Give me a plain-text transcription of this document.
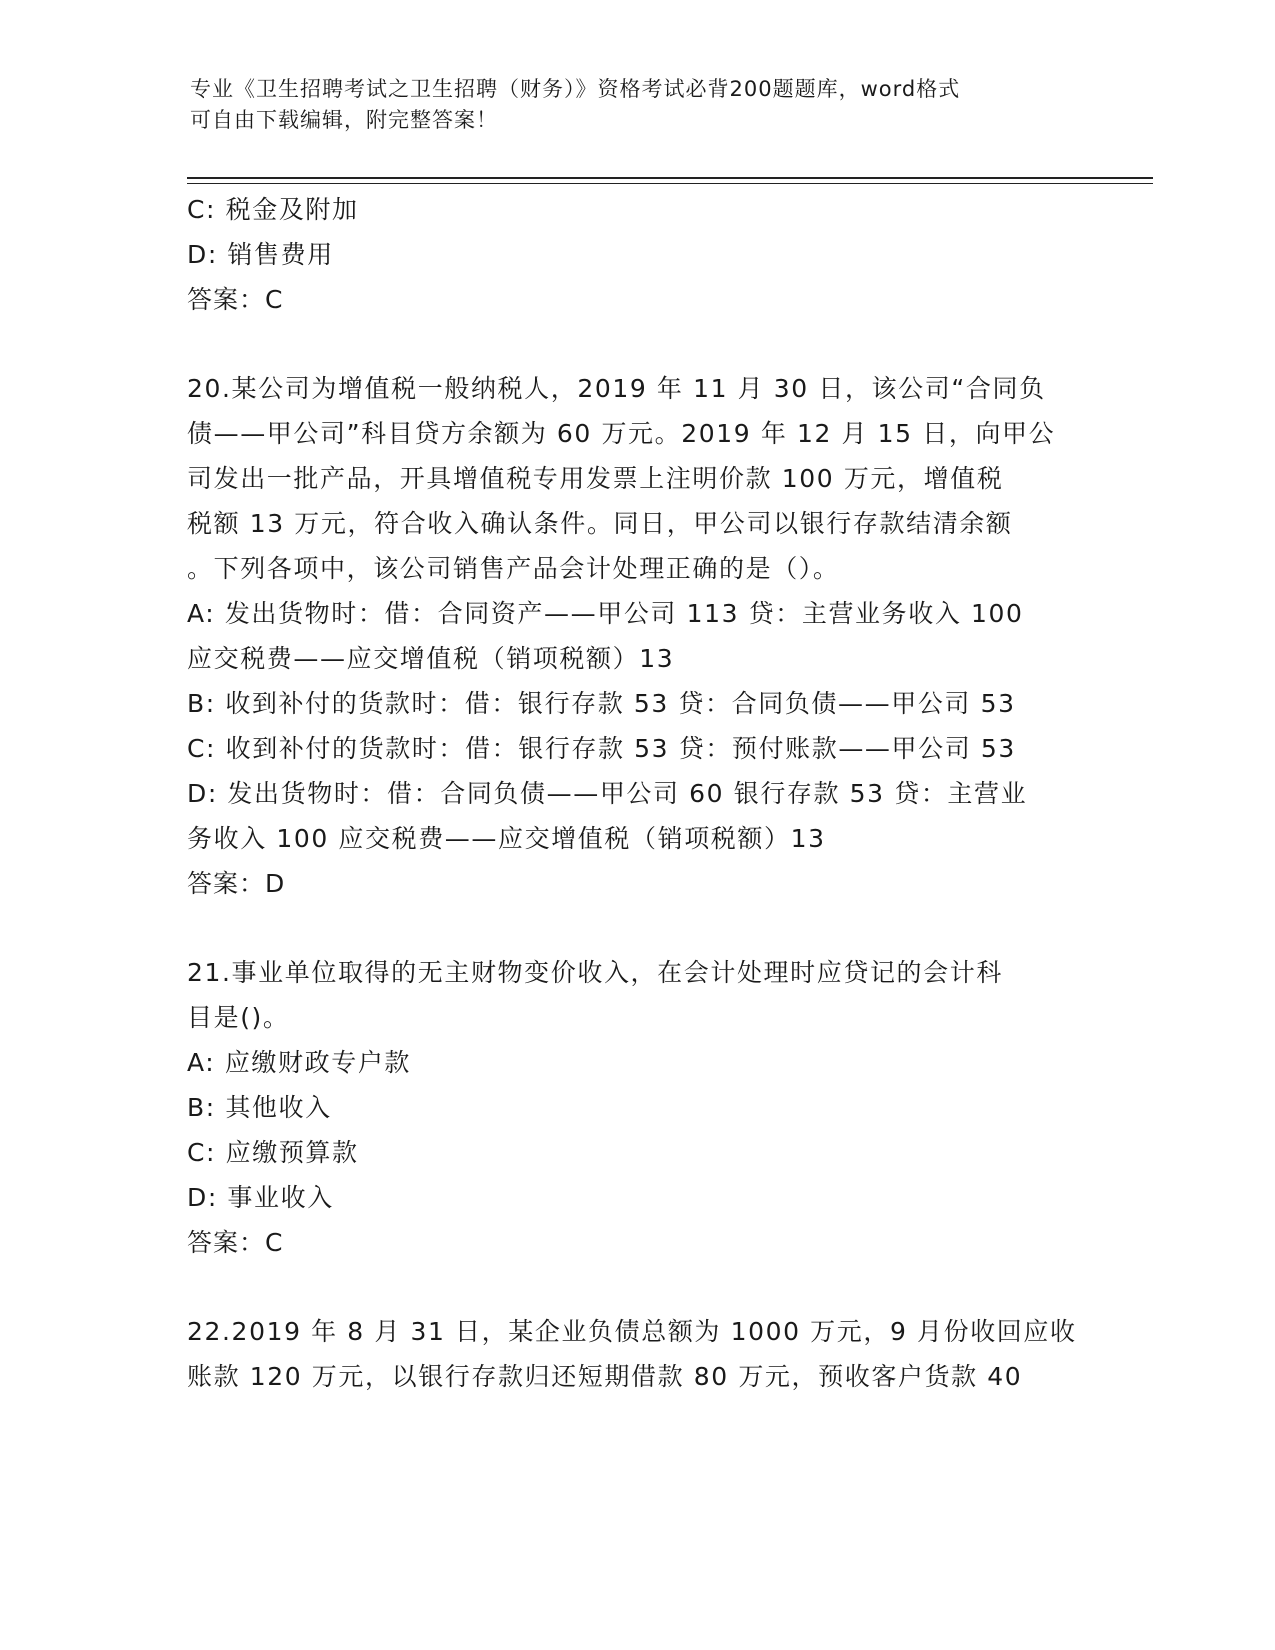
专业《卫生招聘考试之卫生招聘（财务）》资格考试必背200题题库，word格式
可自由下载编辑，附完整答案！
C: 税金及附加
D: 销售费用
答案：C
20.某公司为增值税一般纳税人，2019 年 11 月 30 日，该公司“合同负
债——甲公司”科目贷方余额为 60 万元。2019 年 12 月 15 日，向甲公
司发出一批产品，开具增值税专用发票上注明价款 100 万元，增值税
税额 13 万元，符合收入确认条件。同日，甲公司以银行存款结清余额
。下列各项中，该公司销售产品会计处理正确的是（）。
A: 发出货物时：借：合同资产——甲公司 113 贷：主营业务收入 100
应交税费——应交增值税（销项税额）13
B: 收到补付的货款时：借：银行存款 53 贷：合同负债——甲公司 53
C: 收到补付的货款时：借：银行存款 53 贷：预付账款——甲公司 53
D: 发出货物时：借：合同负债——甲公司 60 银行存款 53 贷：主营业
务收入 100 应交税费——应交增值税（销项税额）13
答案：D
21.事业单位取得的无主财物变价收入，在会计处理时应贷记的会计科
目是()。
A: 应缴财政专户款
B: 其他收入
C: 应缴预算款
D: 事业收入
答案：C
22.2019 年 8 月 31 日，某企业负债总额为 1000 万元，9 月份收回应收
账款 120 万元，以银行存款归还短期借款 80 万元，预收客户货款 40
